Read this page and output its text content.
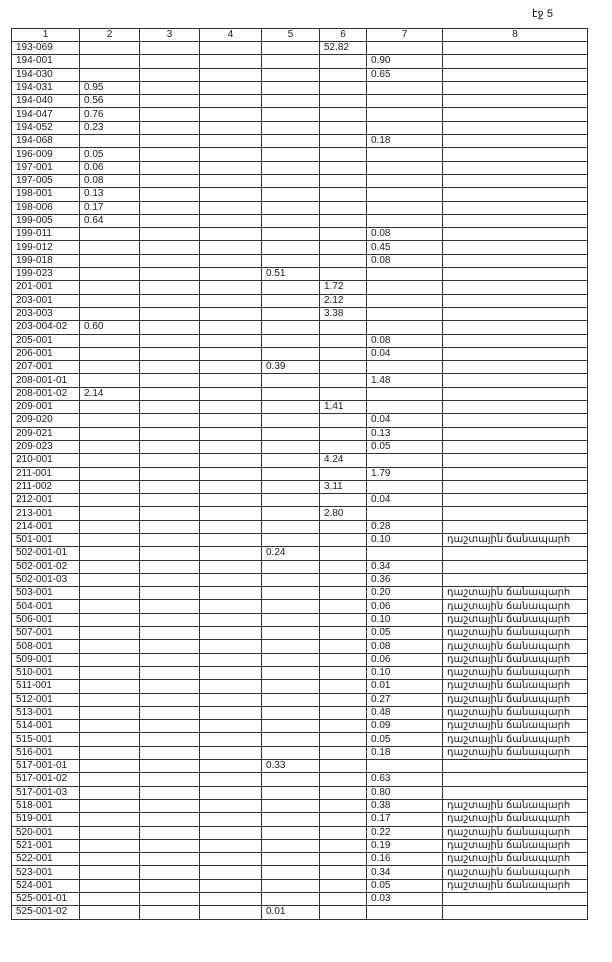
էջ 5
1	2	3	4	5	6	7	8
193-069					52.82		
194-001						0.90	
194-030						0.65	
194-031	0.95						
194-040	0.56						
194-047	0.76						
194-052	0.23						
194-068						0.18	
196-009	0.05						
197-001	0.06						
197-005	0.08						
198-001	0.13						
198-006	0.17						
199-005	0.64						
199-011						0.08	
199-012						0.45	
199-018						0.08	
199-023				0.51			
201-001					1.72		
203-001					2.12		
203-003					3.38		
203-004-02	0.60						
205-001						0.08	
206-001						0.04	
207-001				0.39			
208-001-01						1.48	
208-001-02	2.14						
209-001					1.41		
209-020						0.04	
209-021						0.13	
209-023						0.05	
210-001					4.24		
211-001						1.79	
211-002					3.11		
212-001						0.04	
213-001					2.80		
214-001						0.28	
501-001						0.10	դաշտային ճանապարհ
502-001-01				0.24			
502-001-02						0.34	
502-001-03						0.36	
503-001						0.20	դաշտային ճանապարհ
504-001						0.06	դաշտային ճանապարհ
506-001						0.10	դաշտային ճանապարհ
507-001						0.05	դաշտային ճանապարհ
508-001						0.08	դաշտային ճանապարհ
509-001						0.06	դաշտային ճանապարհ
510-001						0.10	դաշտային ճանապարհ
511-001						0.01	դաշտային ճանապարհ
512-001						0.27	դաշտային ճանապարհ
513-001						0.48	դաշտային ճանապարհ
514-001						0.09	դաշտային ճանապարհ
515-001						0.05	դաշտային ճանապարհ
516-001						0.18	դաշտային ճանապարհ
517-001-01				0.33			
517-001-02						0.63	
517-001-03						0.80	
518-001						0.38	դաշտային ճանապարհ
519-001						0.17	դաշտային ճանապարհ
520-001						0.22	դաշտային ճանապարհ
521-001						0.19	դաշտային ճանապարհ
522-001						0.16	դաշտային ճանապարհ
523-001						0.34	դաշտային ճանապարհ
524-001						0.05	դաշտային ճանապարհ
525-001-01						0.03	
525-001-02				0.01			
